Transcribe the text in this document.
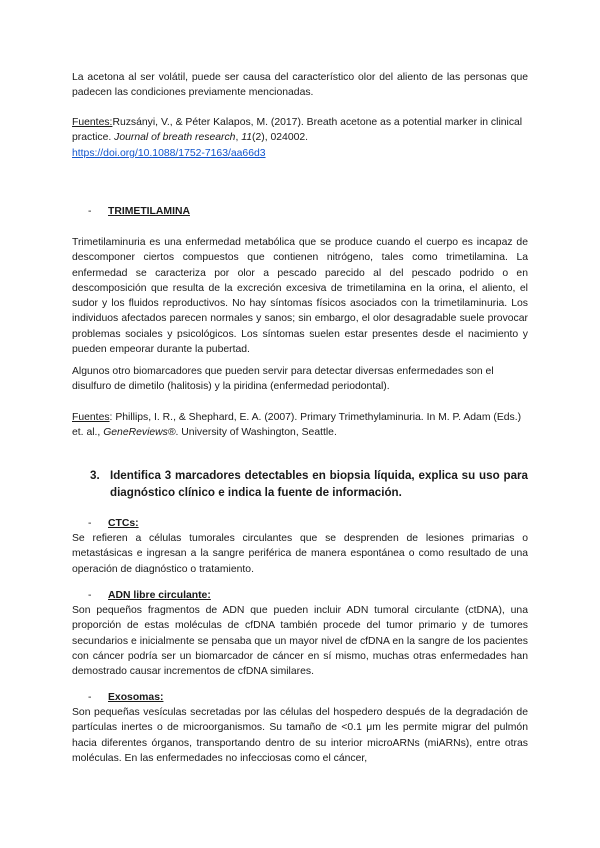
La acetona al ser volátil, puede ser causa del característico olor del aliento de las personas que padecen las condiciones previamente mencionadas.

Fuentes:Ruzsányi, V., & Péter Kalapos, M. (2017). Breath acetone as a potential marker in clinical practice. Journal of breath research, 11(2), 024002.
https://doi.org/10.1088/1752-7163/aa66d3

- TRIMETILAMINA

Trimetilaminuria es una enfermedad metabólica que se produce cuando el cuerpo es incapaz de descomponer ciertos compuestos que contienen nitrógeno, tales como trimetilamina. La enfermedad se caracteriza por olor a pescado parecido al del pescado podrido o en descomposición que resulta de la excreción excesiva de trimetilamina en la orina, el aliento, el sudor y los fluidos reproductivos. No hay síntomas físicos asociados con la trimetilaminuria. Los individuos afectados parecen normales y sanos; sin embargo, el olor desagradable suele provocar problemas sociales y psicológicos. Los síntomas suelen estar presentes desde el nacimiento y pueden empeorar durante la pubertad.

Algunos otro biomarcadores que pueden servir para detectar diversas enfermedades son el disulfuro de dimetilo (halitosis) y la piridina (enfermedad periodontal).

Fuentes: Phillips, I. R., & Shephard, E. A. (2007). Primary Trimethylaminuria. In M. P. Adam (Eds.) et. al., GeneReviews®. University of Washington, Seattle.

3. Identifica 3 marcadores detectables en biopsia líquida, explica su uso para diagnóstico clínico e indica la fuente de información.
- CTCs:

Se refieren a células tumorales circulantes que se desprenden de lesiones primarias o metastásicas e ingresan a la sangre periférica de manera espontánea o como resultado de una operación de diagnóstico o tratamiento.

- ADN libre circulante:

Son pequeños fragmentos de ADN que pueden incluir ADN tumoral circulante (ctDNA), una proporción de estas moléculas de cfDNA también procede del tumor primario y de tumores secundarios e inicialmente se pensaba que un mayor nivel de cfDNA en la sangre de los pacientes con cáncer podría ser un biomarcador de cáncer en sí mismo, muchas otras enfermedades han demostrado causar incrementos de cfDNA similares.

- Exosomas:

Son pequeñas vesículas secretadas por las células del hospedero después de la degradación de partículas inertes o de microorganismos. Su tamaño de <0.1 μm les permite migrar del pulmón hacia diferentes órganos, transportando dentro de su interior microARNs (miARNs), entre otras moléculas. En las enfermedades no infecciosas como el cáncer,
